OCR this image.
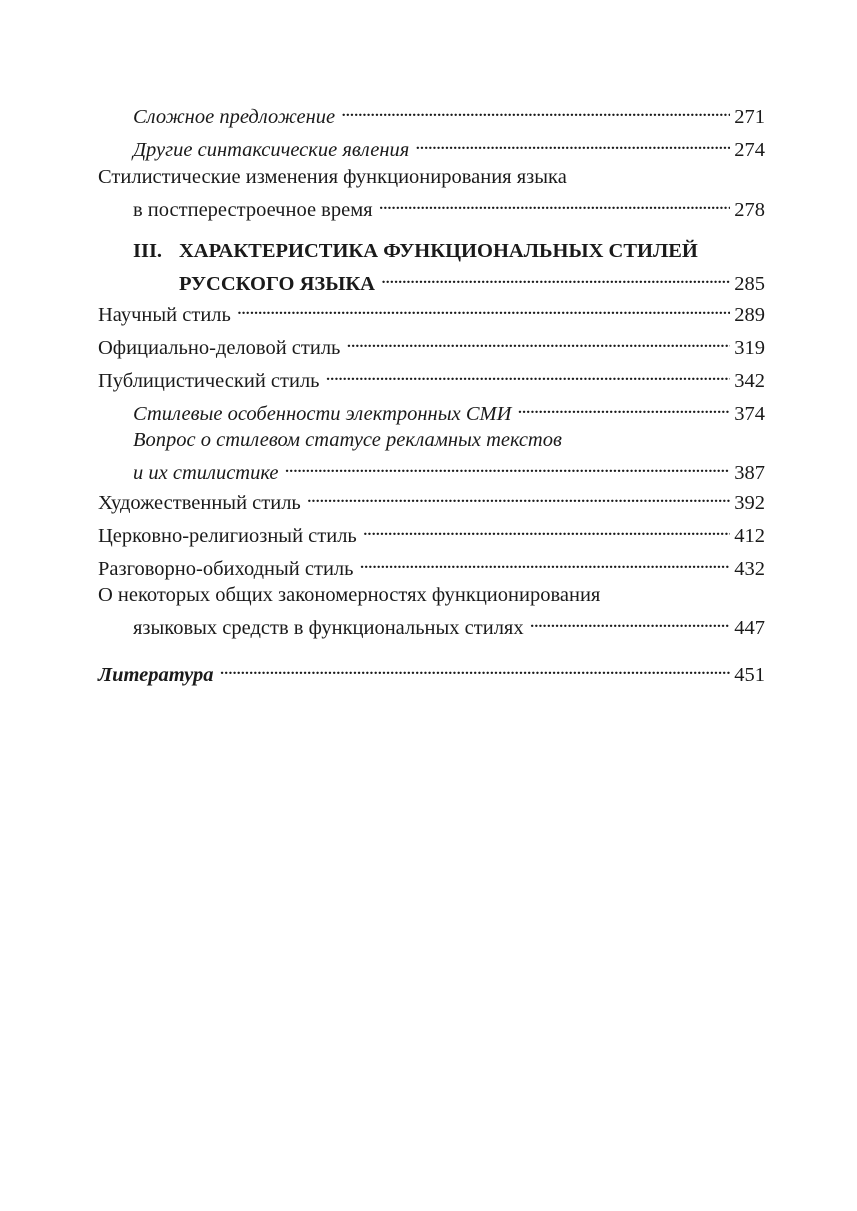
Сложное предложение . . .	271
Другие синтаксические явления . . .	274
Стилистические изменения функционирования языка
в постперестроечное время . . .	278
III. ХАРАКТЕРИСТИКА ФУНКЦИОНАЛЬНЫХ СТИЛЕЙ
РУССКОГО ЯЗЫКА . . .	285
Научный стиль . . .	289
Официально-деловой стиль . . .	319
Публицистический стиль . . .	342
Стилевые особенности электронных СМИ . . .	374
Вопрос о стилевом статусе рекламных текстов
и их стилистике . . .	387
Художественный стиль . . .	392
Церковно-религиозный стиль . . .	412
Разговорно-обиходный стиль . . .	432
О некоторых общих закономерностях функционирования
языковых средств в функциональных стилях . . .	447
Литература . . .	451
